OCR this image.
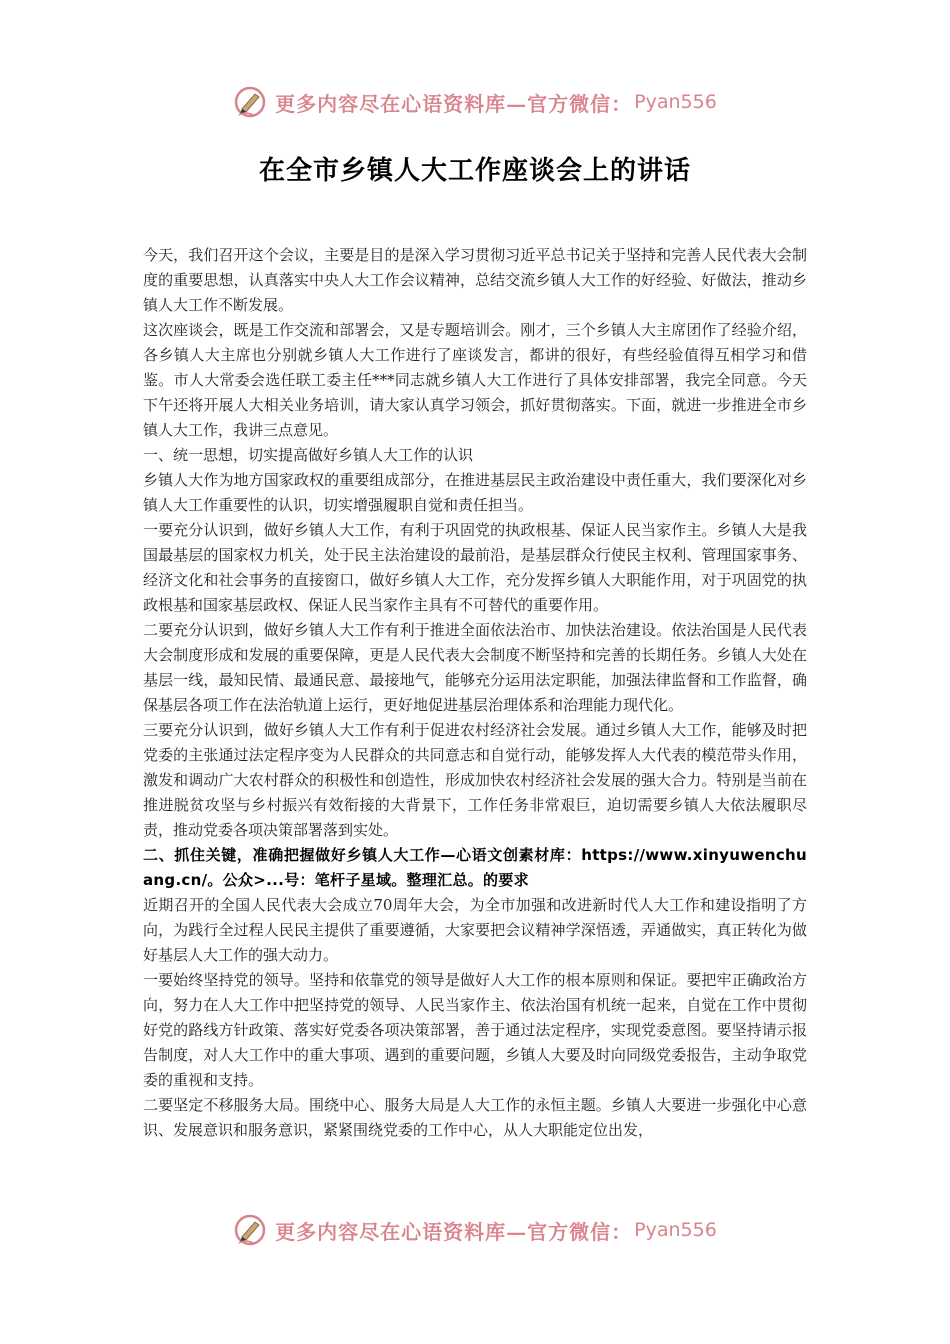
更多内容尽在心语资料库—官方微信： Pyan556
在全市乡镇人大工作座谈会上的讲话

今天，我们召开这个会议，主要是目的是深入学习贯彻习近平总书记关于坚持和完善人民代表大会制度的重要思想，认真落实中央人大工作会议精神，总结交流乡镇人大工作的好经验、好做法，推动乡镇人大工作不断发展。

这次座谈会，既是工作交流和部署会，又是专题培训会。刚才，三个乡镇人大主席团作了经验介绍，各乡镇人大主席也分别就乡镇人大工作进行了座谈发言，都讲的很好，有些经验值得互相学习和借鉴。市人大常委会选任联工委主任***同志就乡镇人大工作进行了具体安排部署，我完全同意。今天下午还将开展人大相关业务培训，请大家认真学习领会，抓好贯彻落实。下面，就进一步推进全市乡镇人大工作，我讲三点意见。

一、统一思想，切实提高做好乡镇人大工作的认识

乡镇人大作为地方国家政权的重要组成部分，在推进基层民主政治建设中责任重大，我们要深化对乡镇人大工作重要性的认识，切实增强履职自觉和责任担当。

一要充分认识到，做好乡镇人大工作，有利于巩固党的执政根基、保证人民当家作主。乡镇人大是我国最基层的国家权力机关，处于民主法治建设的最前沿，是基层群众行使民主权利、管理国家事务、经济文化和社会事务的直接窗口，做好乡镇人大工作，充分发挥乡镇人大职能作用，对于巩固党的执政根基和国家基层政权、保证人民当家作主具有不可替代的重要作用。

二要充分认识到，做好乡镇人大工作有利于推进全面依法治市、加快法治建设。依法治国是人民代表大会制度形成和发展的重要保障，更是人民代表大会制度不断坚持和完善的长期任务。乡镇人大处在基层一线，最知民情、最通民意、最接地气，能够充分运用法定职能，加强法律监督和工作监督，确保基层各项工作在法治轨道上运行，更好地促进基层治理体系和治理能力现代化。

三要充分认识到，做好乡镇人大工作有利于促进农村经济社会发展。通过乡镇人大工作，能够及时把党委的主张通过法定程序变为人民群众的共同意志和自觉行动，能够发挥人大代表的模范带头作用，激发和调动广大农村群众的积极性和创造性，形成加快农村经济社会发展的强大合力。特别是当前在推进脱贫攻坚与乡村振兴有效衔接的大背景下，工作任务非常艰巨，迫切需要乡镇人大依法履职尽责，推动党委各项决策部署落到实处。

二、抓住关键，准确把握做好乡镇人大工作—心语文创素材库：https://www.xinyuwenchuang.cn/。公众>...号：笔杆子星域。整理汇总。的要求

近期召开的全国人民代表大会成立70周年大会，为全市加强和改进新时代人大工作和建设指明了方向，为践行全过程人民民主提供了重要遵循，大家要把会议精神学深悟透，弄通做实，真正转化为做好基层人大工作的强大动力。

一要始终坚持党的领导。坚持和依靠党的领导是做好人大工作的根本原则和保证。要把牢正确政治方向，努力在人大工作中把坚持党的领导、人民当家作主、依法治国有机统一起来，自觉在工作中贯彻好党的路线方针政策、落实好党委各项决策部署，善于通过法定程序，实现党委意图。要坚持请示报告制度，对人大工作中的重大事项、遇到的重要问题，乡镇人大要及时向同级党委报告，主动争取党委的重视和支持。

二要坚定不移服务大局。围绕中心、服务大局是人大工作的永恒主题。乡镇人大要进一步强化中心意识、发展意识和服务意识，紧紧围绕党委的工作中心，从人大职能定位出发，

更多内容尽在心语资料库—官方微信： Pyan556
